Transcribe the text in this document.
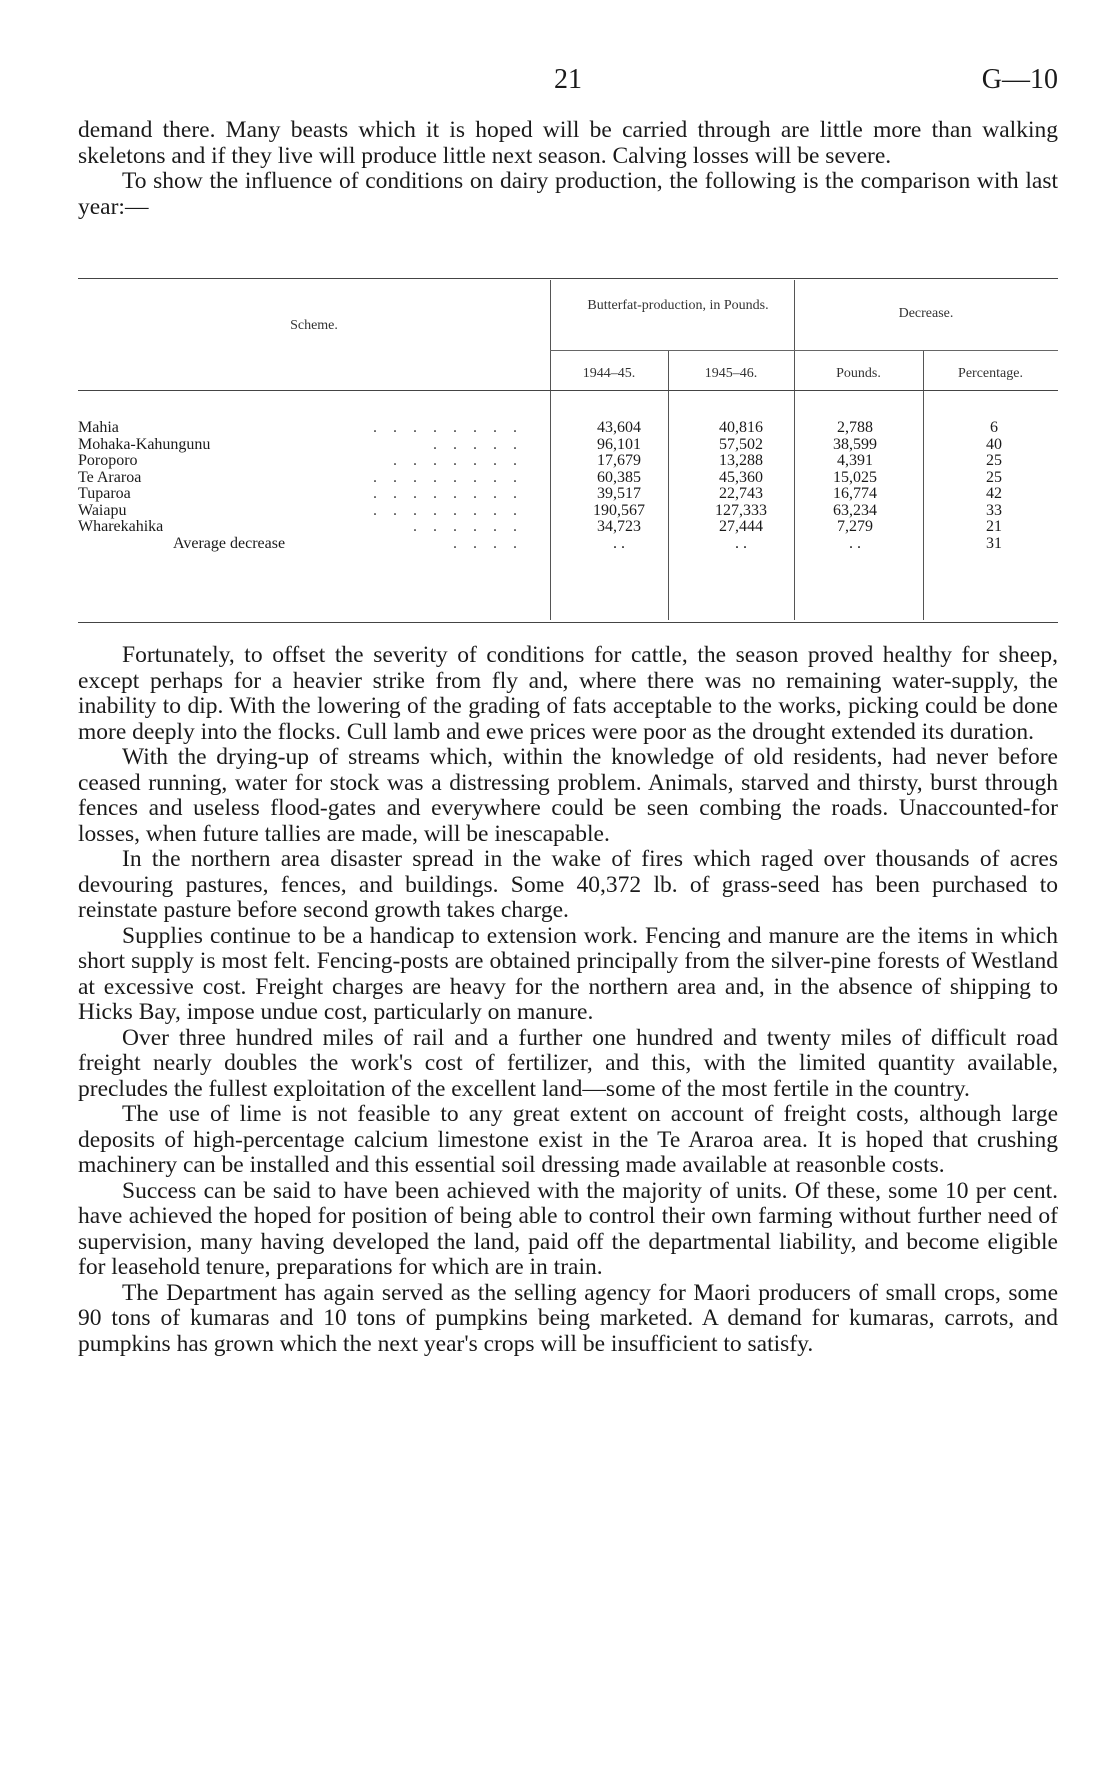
21	G—10

demand there. Many beasts which it is hoped will be carried through are little more than walking skeletons and if they live will produce little next season. Calving losses will be severe.

To show the influence of conditions on dairy production, the following is the comparison with last year:—

Scheme.
Butterfat-production, in Pounds.
Decrease.
1944–45.	1945–46.	Pounds.	Percentage.
Mahia	. . . . . . . .	43,604	40,816	2,788	6
Mohaka-Kahungunu	. . . . .	96,101	57,502	38,599	40
Poroporo	. . . . . . .	17,679	13,288	4,391	25
Te Araroa	. . . . . . . .	60,385	45,360	15,025	25
Tuparoa	. . . . . . . .	39,517	22,743	16,774	42
Waiapu	. . . . . . . .	190,567	127,333	63,234	33
Wharekahika	. . . . . .	34,723	27,444	7,279	21
Average decrease	. . . .	. .	. .	. .	31

Fortunately, to offset the severity of conditions for cattle, the season proved healthy for sheep, except perhaps for a heavier strike from fly and, where there was no remaining water-supply, the inability to dip. With the lowering of the grading of fats acceptable to the works, picking could be done more deeply into the flocks. Cull lamb and ewe prices were poor as the drought extended its duration.

With the drying-up of streams which, within the knowledge of old residents, had never before ceased running, water for stock was a distressing problem. Animals, starved and thirsty, burst through fences and useless flood-gates and everywhere could be seen combing the roads. Unaccounted-for losses, when future tallies are made, will be inescapable.

In the northern area disaster spread in the wake of fires which raged over thousands of acres devouring pastures, fences, and buildings. Some 40,372 lb. of grass-seed has been purchased to reinstate pasture before second growth takes charge.

Supplies continue to be a handicap to extension work. Fencing and manure are the items in which short supply is most felt. Fencing-posts are obtained principally from the silver-pine forests of Westland at excessive cost. Freight charges are heavy for the northern area and, in the absence of shipping to Hicks Bay, impose undue cost, particularly on manure.

Over three hundred miles of rail and a further one hundred and twenty miles of difficult road freight nearly doubles the work's cost of fertilizer, and this, with the limited quantity available, precludes the fullest exploitation of the excellent land—some of the most fertile in the country.

The use of lime is not feasible to any great extent on account of freight costs, although large deposits of high-percentage calcium limestone exist in the Te Araroa area. It is hoped that crushing machinery can be installed and this essential soil dressing made available at reasonble costs.

Success can be said to have been achieved with the majority of units. Of these, some 10 per cent. have achieved the hoped for position of being able to control their own farming without further need of supervision, many having developed the land, paid off the departmental liability, and become eligible for leasehold tenure, preparations for which are in train.

The Department has again served as the selling agency for Maori producers of small crops, some 90 tons of kumaras and 10 tons of pumpkins being marketed. A demand for kumaras, carrots, and pumpkins has grown which the next year's crops will be insufficient to satisfy.
